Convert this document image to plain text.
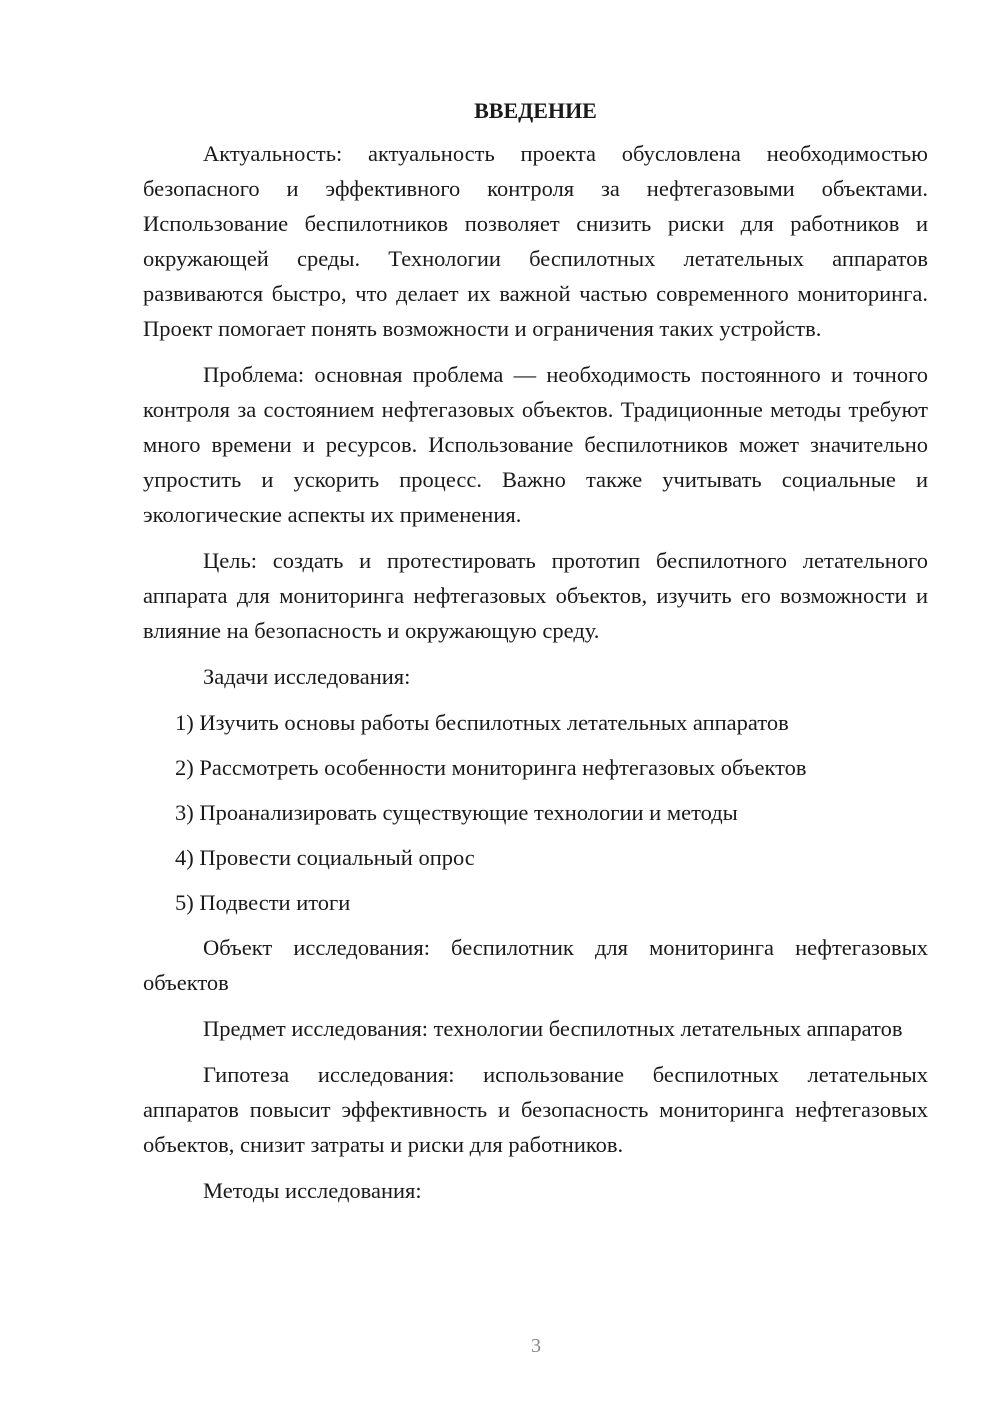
ВВЕДЕНИЕ

Актуальность: актуальность проекта обусловлена необходимостью безопасного и эффективного контроля за нефтегазовыми объектами. Использование беспилотников позволяет снизить риски для работников и окружающей среды. Технологии беспилотных летательных аппаратов развиваются быстро, что делает их важной частью современного мониторинга. Проект помогает понять возможности и ограничения таких устройств.

Проблема: основная проблема — необходимость постоянного и точного контроля за состоянием нефтегазовых объектов. Традиционные методы требуют много времени и ресурсов. Использование беспилотников может значительно упростить и ускорить процесс. Важно также учитывать социальные и экологические аспекты их применения.

Цель: создать и протестировать прототип беспилотного летательного аппарата для мониторинга нефтегазовых объектов, изучить его возможности и влияние на безопасность и окружающую среду.

Задачи исследования:

1) Изучить основы работы беспилотных летательных аппаратов
2) Рассмотреть особенности мониторинга нефтегазовых объектов
3) Проанализировать существующие технологии и методы
4) Провести социальный опрос
5) Подвести итоги

Объект исследования: беспилотник для мониторинга нефтегазовых объектов

Предмет исследования: технологии беспилотных летательных аппаратов

Гипотеза исследования: использование беспилотных летательных аппаратов повысит эффективность и безопасность мониторинга нефтегазовых объектов, снизит затраты и риски для работников.

Методы исследования:

3
